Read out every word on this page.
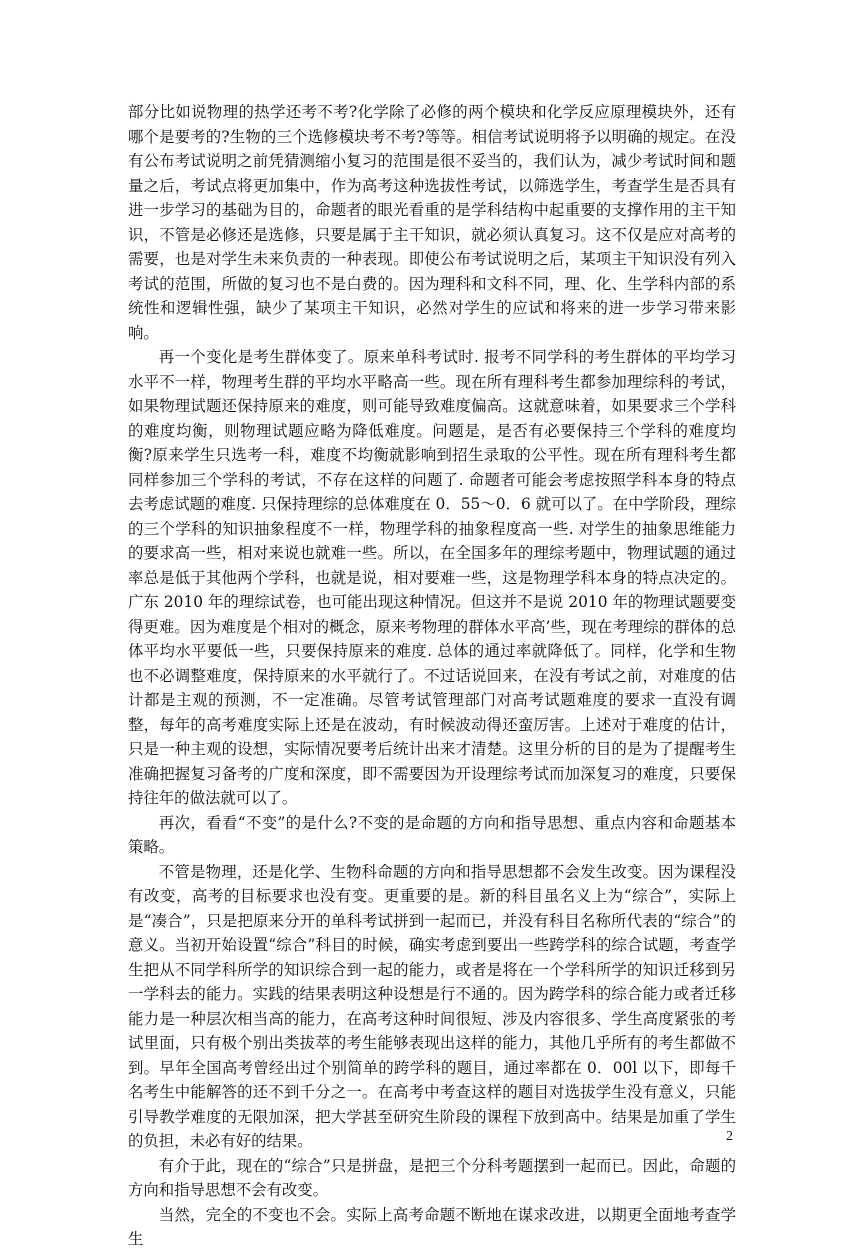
部分比如说物理的热学还考不考?化学除了必修的两个模块和化学反应原理模块外，还有哪个是要考的?生物的三个选修模块考不考?等等。相信考试说明将予以明确的规定。在没有公布考试说明之前凭猜测缩小复习的范围是很不妥当的，我们认为，减少考试时间和题量之后，考试点将更加集中，作为高考这种选拔性考试，以筛选学生，考查学生是否具有进一步学习的基础为目的，命题者的眼光看重的是学科结构中起重要的支撑作用的主干知识，不管是必修还是选修，只要是属于主干知识，就必须认真复习。这不仅是应对高考的需要，也是对学生未来负责的一种表现。即使公布考试说明之后，某项主干知识没有列入考试的范围，所做的复习也不是白费的。因为理科和文科不同，理、化、生学科内部的系统性和逻辑性强，缺少了某项主干知识，必然对学生的应试和将来的进一步学习带来影响。

再一个变化是考生群体变了。原来单科考试时. 报考不同学科的考生群体的平均学习水平不一样，物理考生群的平均水平略高一些。现在所有理科考生都参加理综科的考试，如果物理试题还保持原来的难度，则可能导致难度偏高。这就意味着，如果要求三个学科的难度均衡，则物理试题应略为降低难度。问题是，是否有必要保持三个学科的难度均衡?原来学生只选考一科，难度不均衡就影响到招生录取的公平性。现在所有理科考生都同样参加三个学科的考试，不存在这样的问题了. 命题者可能会考虑按照学科本身的特点去考虑试题的难度. 只保持理综的总体难度在 0．55～0．6 就可以了。在中学阶段，理综的三个学科的知识抽象程度不一样，物理学科的抽象程度高一些. 对学生的抽象思维能力的要求高一些，相对来说也就难一些。所以，在全国多年的理综考题中，物理试题的通过率总是低于其他两个学科，也就是说，相对要难一些，这是物理学科本身的特点决定的。广东 2010 年的理综试卷，也可能出现这种情况。但这并不是说 2010 年的物理试题要变得更难。因为难度是个相对的概念，原来考物理的群体水平高’些，现在考理综的群体的总体平均水平要低一些，只要保持原来的难度. 总体的通过率就降低了。同样，化学和生物也不必调整难度，保持原来的水平就行了。不过话说回来，在没有考试之前，对难度的估计都是主观的预测，不一定准确。尽管考试管理部门对高考试题难度的要求一直没有调整，每年的高考难度实际上还是在波动，有时候波动得还蛮厉害。上述对于难度的估计，只是一种主观的设想，实际情况要考后统计出来才清楚。这里分析的目的是为了提醒考生准确把握复习备考的广度和深度，即不需要因为开设理综考试而加深复习的难度，只要保持往年的做法就可以了。

再次，看看“不变”的是什么?不变的是命题的方向和指导思想、重点内容和命题基本策略。

不管是物理，还是化学、生物科命题的方向和指导思想都不会发生改变。因为课程没有改变，高考的目标要求也没有变。更重要的是。新的科目虽名义上为“综合”，实际上是“凑合”，只是把原来分开的单科考试拼到一起而已，并没有科目名称所代表的“综合”的意义。当初开始设置“综合”科目的时候，确实考虑到要出一些跨学科的综合试题，考查学生把从不同学科所学的知识综合到一起的能力，或者是将在一个学科所学的知识迁移到另一学科去的能力。实践的结果表明这种设想是行不通的。因为跨学科的综合能力或者迁移能力是一种层次相当高的能力，在高考这种时间很短、涉及内容很多、学生高度紧张的考试里面，只有极个别出类拔萃的考生能够表现出这样的能力，其他几乎所有的考生都做不到。早年全国高考曾经出过个别简单的跨学科的题目，通过率都在 0．00l 以下，即每千名考生中能解答的还不到千分之一。在高考中考查这样的题目对选拔学生没有意义，只能引导教学难度的无限加深，把大学甚至研究生阶段的课程下放到高中。结果是加重了学生的负担，未必有好的结果。

有介于此，现在的“综合”只是拼盘，是把三个分科考题摆到一起而已。因此，命题的方向和指导思想不会有改变。

当然，完全的不变也不会。实际上高考命题不断地在谋求改进，以期更全面地考查学生

2
